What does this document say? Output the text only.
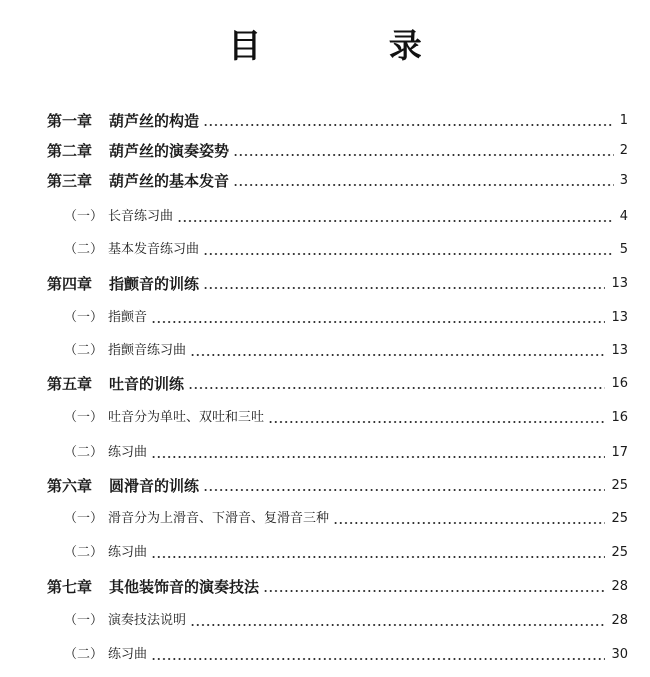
目 录
第一章	葫芦丝的构造	1
第二章	葫芦丝的演奏姿势	2
第三章	葫芦丝的基本发音	3
（一） 长音练习曲	4
（二） 基本发音练习曲	5
第四章	指颤音的训练	13
（一） 指颤音	13
（二） 指颤音练习曲	13
第五章	吐音的训练	16
（一） 吐音分为单吐、双吐和三吐	16
（二） 练习曲	17
第六章	圆滑音的训练	25
（一） 滑音分为上滑音、下滑音、复滑音三种	25
（二） 练习曲	25
第七章	其他装饰音的演奏技法	28
（一） 演奏技法说明	28
（二） 练习曲	30
